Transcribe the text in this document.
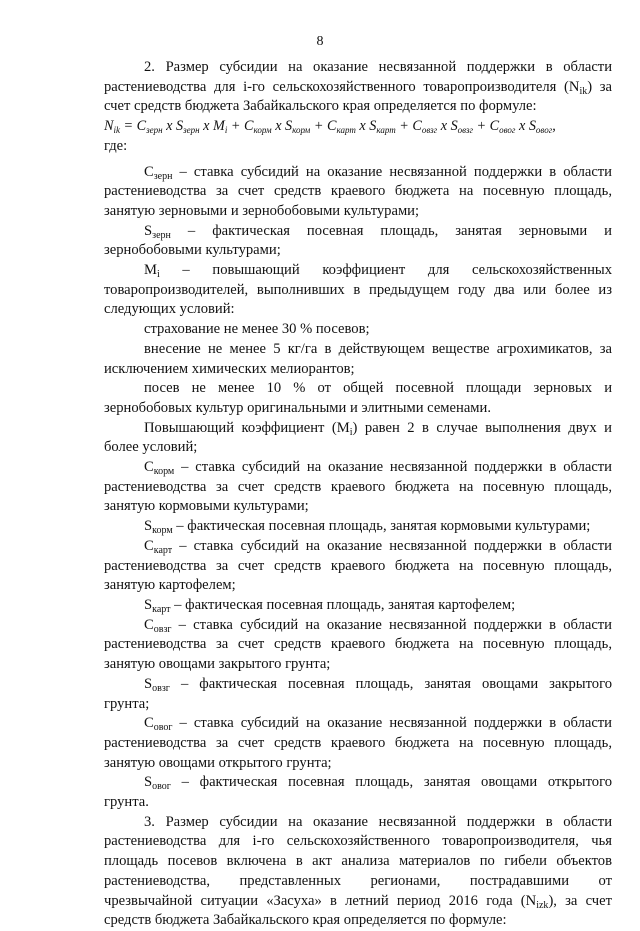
8

2. Размер субсидии на оказание несвязанной поддержки в области

растениеводства для i-го сельскохозяйственного товаропроизводителя $(N_{ik})$ за

счет средств бюджета Забайкальского края определяется по формуле:

$N_{ik} = С_{зерн}$ x $S_{зерн}$ x $M_i + С_{корм}$ x $S_{корм} + С_{карт}$ x $S_{карт} + С_{овзг}$ x $S_{овзг} + С_{овог}$ x $S_{овог}$,

где:

$С_{зерн}$ – ставка субсидий на оказание несвязанной поддержки в области

растениеводства за счет средств краевого бюджета на посевную площадь,

занятую зерновыми и зернобобовыми культурами;

$S_{зерн}$ – фактическая посевная площадь, занятая зерновыми и

зернобобовыми культурами;

$M_i$ – повышающий коэффициент для сельскохозяйственных

товаропроизводителей, выполнивших в предыдущем году два или более из

следующих условий:

страхование не менее 30 % посевов;

внесение не менее 5 кг/га в действующем веществе агрохимикатов, за

исключением химических мелиорантов;

посев не менее 10 % от общей посевной площади зерновых и

зернобобовых культур оригинальными и элитными семенами.

Повышающий коэффициент $(M_i)$ равен 2 в случае выполнения двух и

более условий;

$С_{корм}$ – ставка субсидий на оказание несвязанной поддержки в области

растениеводства за счет средств краевого бюджета на посевную площадь,

занятую кормовыми культурами;

$S_{корм}$ – фактическая посевная площадь, занятая кормовыми культурами;

$С_{карт}$ – ставка субсидий на оказание несвязанной поддержки в области

растениеводства за счет средств краевого бюджета на посевную площадь,

занятую картофелем;

$S_{карт}$ – фактическая посевная площадь, занятая картофелем;

$С_{овзг}$ – ставка субсидий на оказание несвязанной поддержки в области

растениеводства за счет средств краевого бюджета на посевную площадь,

занятую овощами закрытого грунта;

$S_{овзг}$ – фактическая посевная площадь, занятая овощами закрытого

грунта;

$С_{овог}$ – ставка субсидий на оказание несвязанной поддержки в области

растениеводства за счет средств краевого бюджета на посевную площадь,

занятую овощами открытого грунта;

$S_{овог}$ – фактическая посевная площадь, занятая овощами открытого

грунта.

3. Размер субсидии на оказание несвязанной поддержки в области

растениеводства для i-го сельскохозяйственного товаропроизводителя, чья

площадь посевов включена в акт анализа материалов по гибели объектов

растениеводства, представленных регионами, пострадавшими от

чрезвычайной ситуации «Засуха» в летний период 2016 года $(N_{izk})$, за счет

средств бюджета Забайкальского края определяется по формуле:
